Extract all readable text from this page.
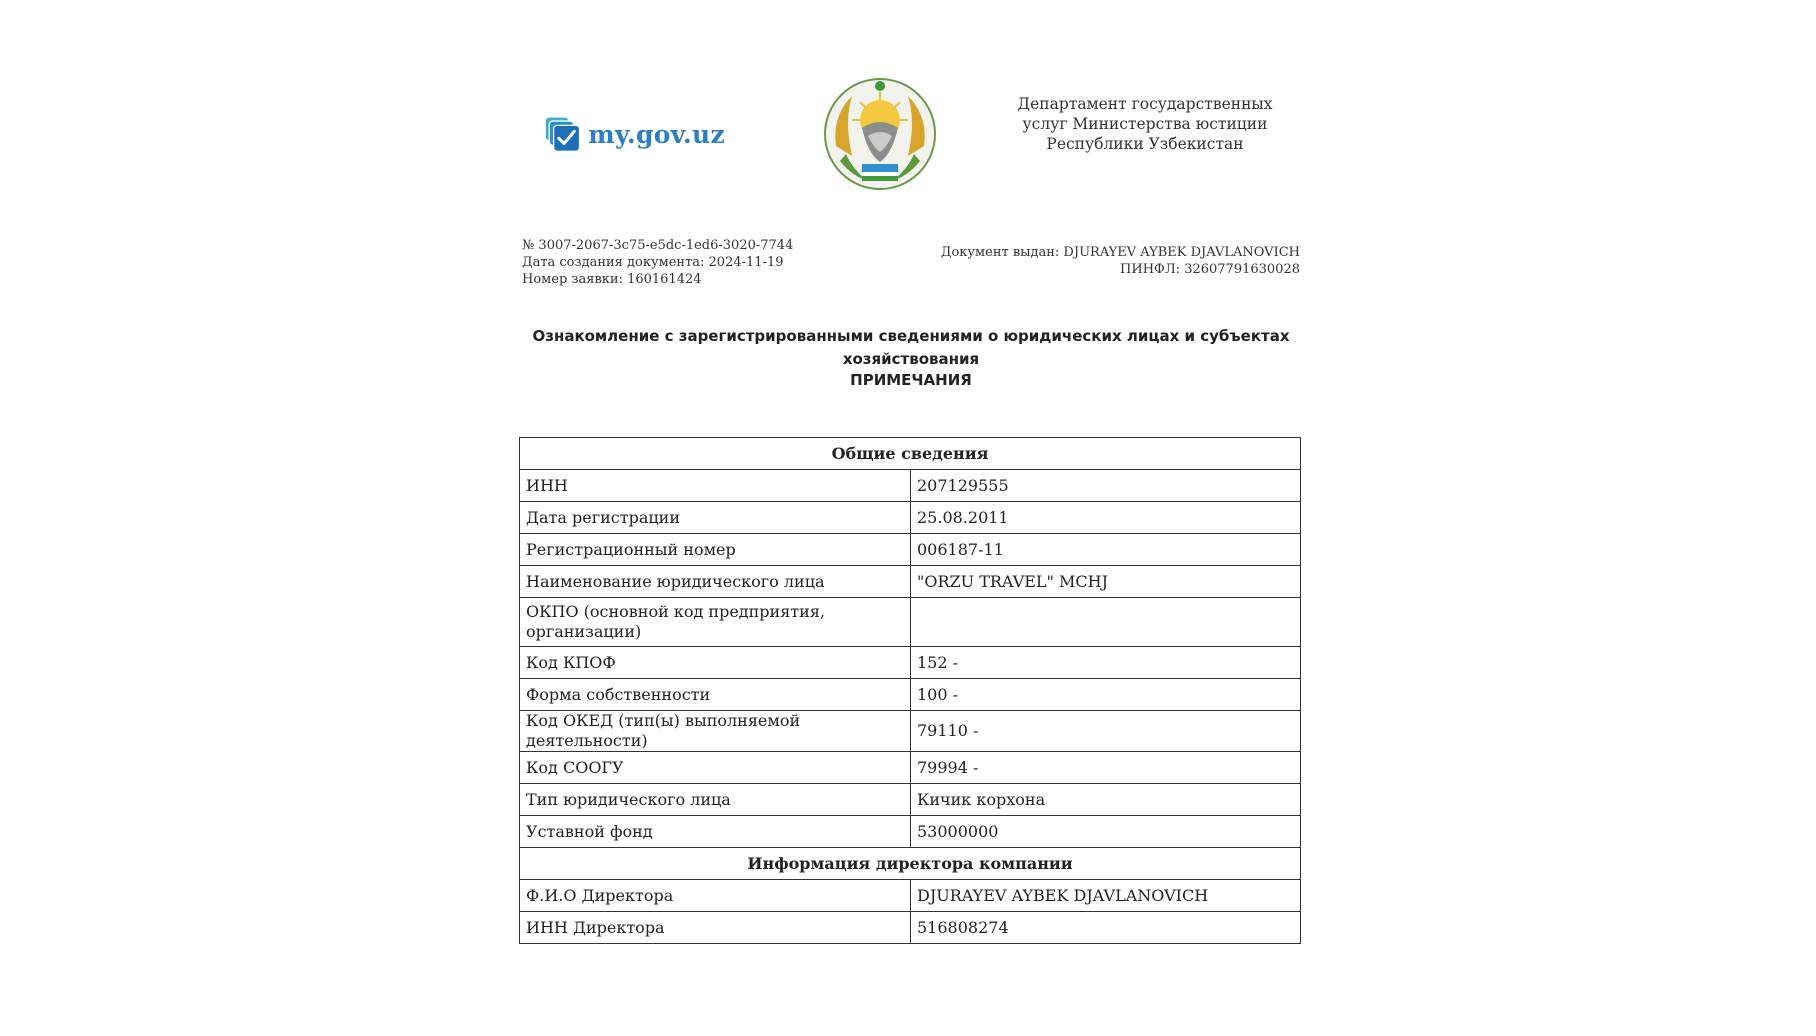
my.gov.uz
Департамент государственных услуг Министерства юстиции Республики Узбекистан
№ 3007-2067-3c75-e5dc-1ed6-3020-7744
Дата создания документа: 2024-11-19
Номер заявки: 160161424
Документ выдан: DJURAYEV AYBEK DJAVLANOVICH
ПИНФЛ: 32607791630028
Ознакомление с зарегистрированными сведениями о юридических лицах и субъектах хозяйствования
ПРИМЕЧАНИЯ
Общие сведения	
ИНН	207129555
Дата регистрации	25.08.2011
Регистрационный номер	006187-11
Наименование юридического лица	"ORZU TRAVEL" MCHJ
ОКПО (основной код предприятия, организации)	
Код КПОФ	152 -
Форма собственности	100 -
Код ОКЕД (тип(ы) выполняемой деятельности)	79110 -
Код СООГУ	79994 -
Тип юридического лица	Кичик корхона
Уставной фонд	53000000
Информация директора компании	
Ф.И.О Директора	DJURAYEV AYBEK DJAVLANOVICH
ИНН Директора	516808274
